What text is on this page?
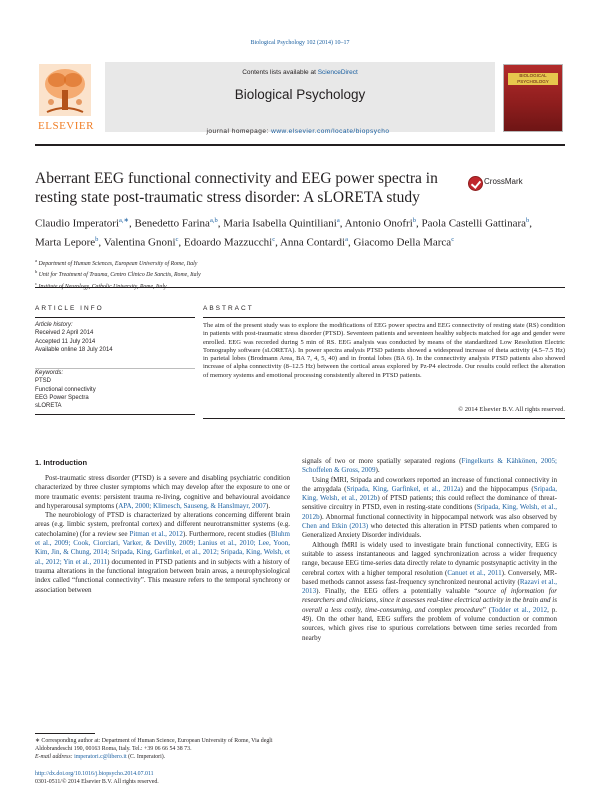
Biological Psychology 102 (2014) 10–17
ELSEVIER
Contents lists available at ScienceDirect
Biological Psychology
journal homepage: www.elsevier.com/locate/biopsycho
BIOLOGICAL PSYCHOLOGY
Aberrant EEG functional connectivity and EEG power spectra in resting state post-traumatic stress disorder: A sLORETA study
CrossMark
Claudio Imperatori$^{a,∗}$, Benedetto Farina$^{a,b}$, Maria Isabella Quintiliani$^a$, Antonio Onofri$^b$, Paola Castelli Gattinara$^b$, Marta Lepore$^b$, Valentina Gnoni$^c$, Edoardo Mazzucchi$^c$, Anna Contardi$^a$, Giacomo Della Marca$^c$
$^a$ Department of Human Sciences, European University of Rome, Italy
$^b$ Unit for Treatment of Trauma, Centro Clinico De Sanctis, Rome, Italy
$^c$
ARTICLE INFO	ABSTRACT
Article history:
Received 2 April 2014
Accepted 11 July 2014
Available online 18 July 2014
Keywords:
PTSD
Functional connectivity
EEG Power Spectra
sLORETA
The aim of the present study was to explore the modifications of EEG power spectra and EEG connectivity of resting state (RS) condition in patients with post-traumatic stress disorder (PTSD). Seventeen patients and seventeen healthy subjects matched for age and gender were enrolled. EEG was recorded during 5 min of RS. EEG analysis was conducted by means of the standardized Low Resolution Electric Tomography software (sLORETA). In power spectra analysis PTSD patients showed a widespread increase of theta activity (4.5–7.5 Hz) in parietal lobes (Brodmann Area, BA 7, 4, 5, 40) and in frontal lobes (BA 6). In the connectivity analysis PTSD patients also showed increase of alpha connectivity (8–12.5 Hz) between the cortical areas explored by Pz-P4 electrode. Our results could reflect the alteration of memory systems and emotional processing consistently altered in PTSD patients.
© 2014 Elsevier B.V. All rights reserved.
1. Introduction

Post-traumatic stress disorder (PTSD) is a severe and disabling psychiatric condition characterized by three cluster symptoms which may develop after the exposure to one or more traumatic events: persistent trauma re-living, cognitive and behavioural avoidance and hyperarousal symptoms (APA, 2000; Klimesch, Sauseng, & Hanslmayr, 2007).

The neurobiology of PTSD is characterized by alterations concerning different brain areas (e.g. limbic system, prefrontal cortex) and different neurotransmitter systems (e.g. catecholamine) (for a review see Pitman et al., 2012). Furthermore, recent studies (Bluhm et al., 2009; Cook, Ciorciari, Varker, & Devilly, 2009; Lanius et al., 2010; Lee, Yoon, Kim, Jin, & Chung, 2014; Sripada, King, Garfinkel, et al., 2012; Sripada, King, Welsh, et al., 2012; Yin et al., 2011) documented in PTSD patients and in subjects with a history of trauma alterations in the functional integration between brain areas, a neurophysiological index called “functional connectivity”. This measure refers to the temporal synchrony or association between

signals of two or more spatially separated regions (Fingelkurts & Kähkönen, 2005; Schoffelen & Gross, 2009).

Using fMRI, Sripada and coworkers reported an increase of functional connectivity in the amygdala (Sripada, King, Garfinkel, et al., 2012a) and the hippocampus (Sripada, King, Welsh, et al., 2012b) of PTSD patients; this could reflect the dominance of threat-sensitive circuitry in PTSD, even in resting-state conditions (Sripada, King, Welsh, et al., 2012b). Abnormal functional connectivity in hippocampal network was also observed by Chen and Etkin (2013) who detected this alteration in PTSD patients when compared to Generalized Anxiety Disorder individuals.

Although fMRI is widely used to investigate brain functional connectivity, EEG is suitable to assess instantaneous and lagged synchronization across a wider frequency range, because EEG time-series data directly relate to dynamic postsynaptic activity in the cerebral cortex with a higher temporal resolution (Canuet et al., 2011). Conversely, MR-based methods cannot assess fast-frequency synchronized neuronal activity (Razavi et al., 2013). Finally, the EEG offers a potentially valuable “source of information for researchers and clinicians, since it assesses real-time electrical activity in the brain and is overall a less costly, time-consuming, and complex procedure” (Todder et al., 2012, p. 49). On the other hand, EEG suffers the problem of volume conduction or common sources, which gives rise to spurious correlations between time series recorded from nearby

∗ Corresponding author at: Department of Human Science, European University of Rome, Via degli Aldobrandeschi 190, 00163 Roma, Italy. Tel.: +39 06 66 54 38 73.
E-mail address: imperatori.c@libero.it (C. Imperatori).
http://dx.doi.org/10.1016/j.biopsycho.2014.07.011
0301-0511/© 2014 Elsevier B.V. All rights reserved.
